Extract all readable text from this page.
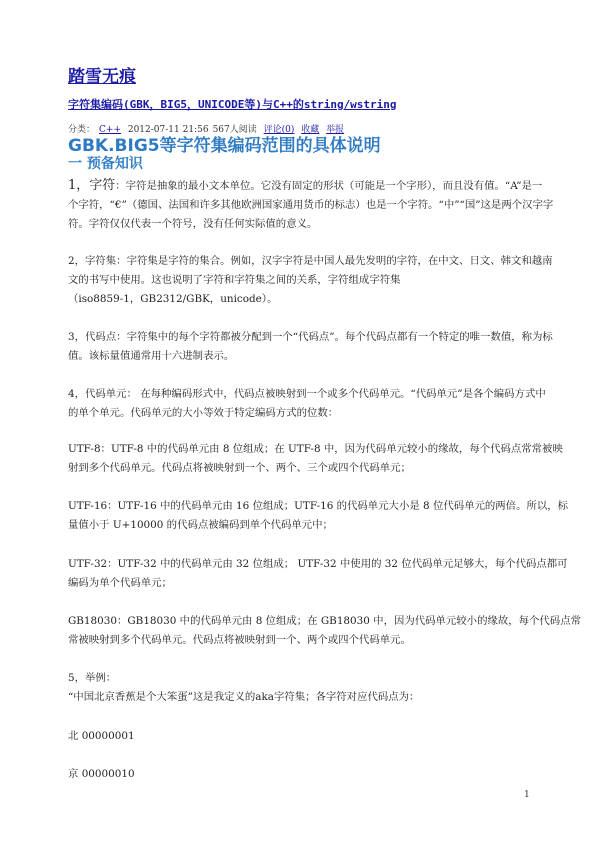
踏雪无痕
字符集编码(GBK，BIG5，UNICODE等)与C++的string/wstring
分类： C++ 2012-07-11 21:56 567人阅读 评论(0) 收藏 举报
GBK.BIG5等字符集编码范围的具体说明
一 预备知识
1，字符：字符是抽象的最小文本单位。它没有固定的形状（可能是一个字形），而且没有值。“A”是一
个字符，“€”（德国、法国和许多其他欧洲国家通用货币的标志）也是一个字符。“中”“国”这是两个汉字字
符。字符仅仅代表一个符号，没有任何实际值的意义。
2，字符集：字符集是字符的集合。例如，汉字字符是中国人最先发明的字符，在中文、日文、韩文和越南
文的书写中使用。这也说明了字符和字符集之间的关系，字符组成字符集
（iso8859-1，GB2312/GBK，unicode）。
3，代码点：字符集中的每个字符都被分配到一个“代码点”。每个代码点都有一个特定的唯一数值，称为标
值。该标量值通常用十六进制表示。
4，代码单元： 在每种编码形式中，代码点被映射到一个或多个代码单元。“代码单元”是各个编码方式中
的单个单元。代码单元的大小等效于特定编码方式的位数：
UTF-8：UTF-8 中的代码单元由 8 位组成；在 UTF-8 中，因为代码单元较小的缘故，每个代码点常常被映
射到多个代码单元。代码点将被映射到一个、两个、三个或四个代码单元；
UTF-16：UTF-16 中的代码单元由 16 位组成；UTF-16 的代码单元大小是 8 位代码单元的两倍。所以，标
量值小于 U+10000 的代码点被编码到单个代码单元中；
UTF-32：UTF-32 中的代码单元由 32 位组成； UTF-32 中使用的 32 位代码单元足够大，每个代码点都可
编码为单个代码单元；
GB18030：GB18030 中的代码单元由 8 位组成；在 GB18030 中，因为代码单元较小的缘故，每个代码点常
常被映射到多个代码单元。代码点将被映射到一个、两个或四个代码单元。
5，举例：
“中国北京香蕉是个大笨蛋”这是我定义的aka字符集；各字符对应代码点为：
北 00000001
京 00000010
1
